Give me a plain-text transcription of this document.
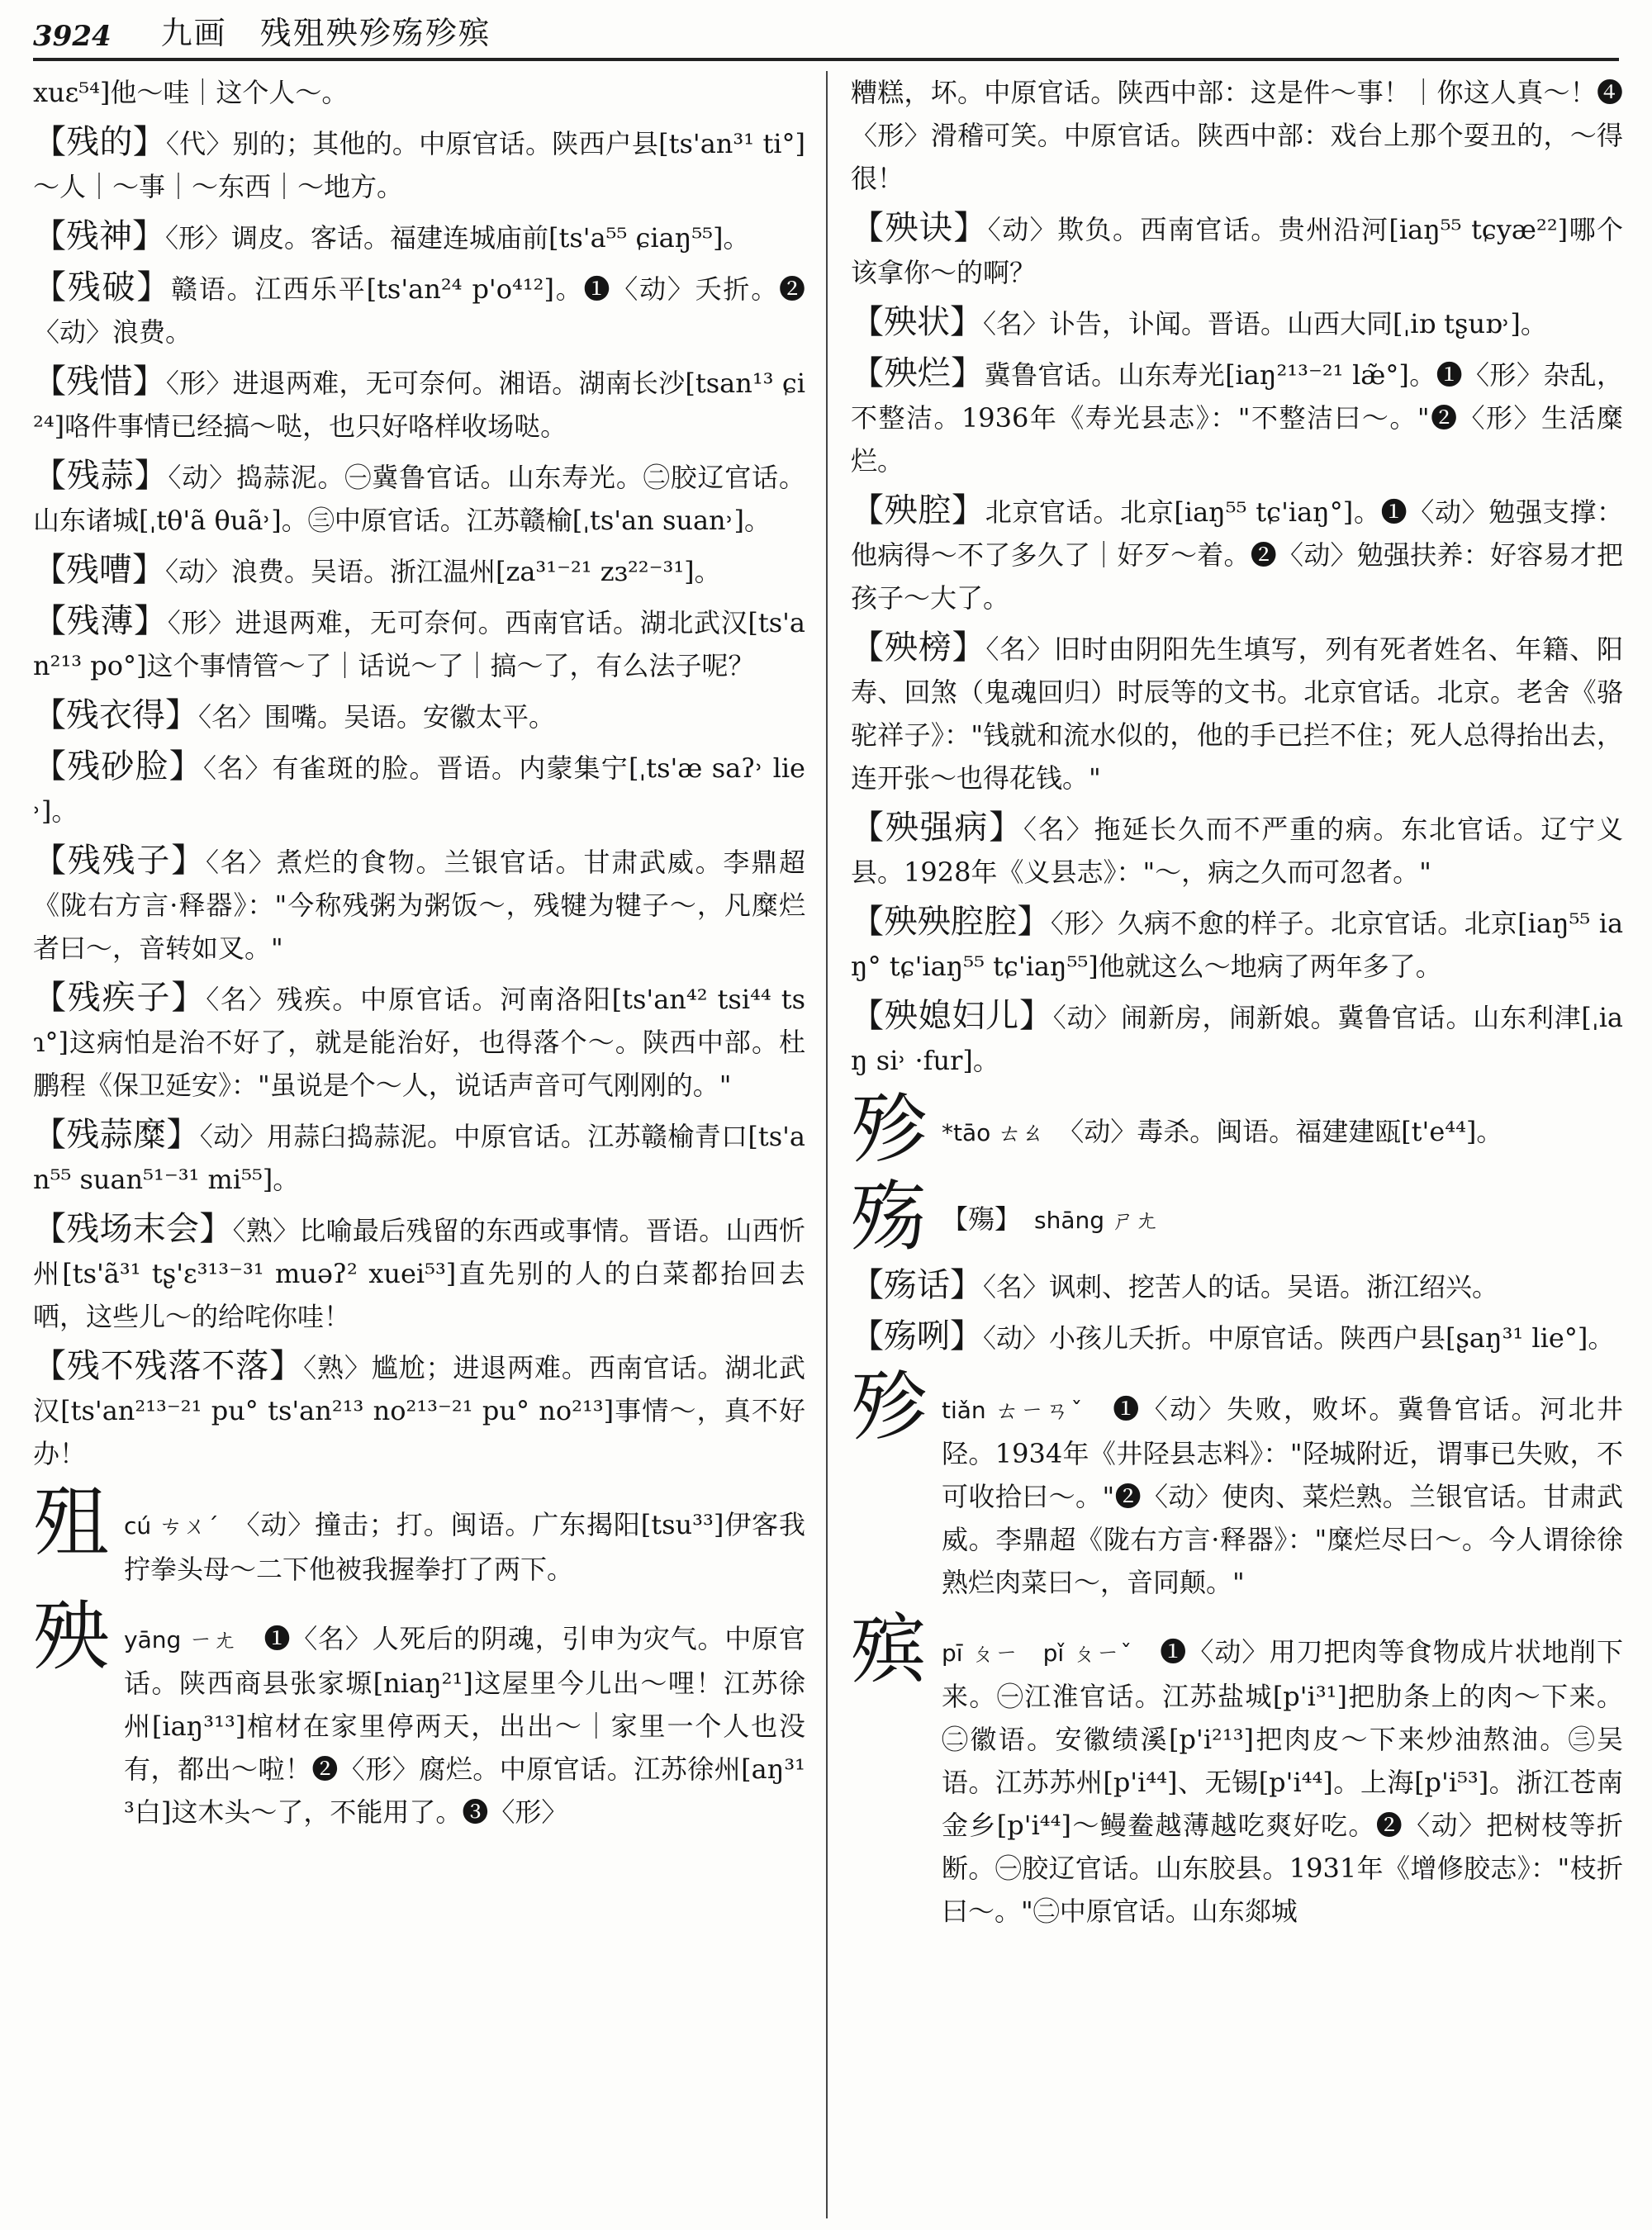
3924 九画　残殂殃殄殇殄殡

xuɛ⁵⁴]他～哇｜这个人～。

【 残的 】 〈代〉别的；其他的。中原官话。陕西户县[ts'an³¹ ti°]～人｜～事｜～东西｜～地方。

【 残神 】 〈形〉调皮。客话。福建连城庙前[ts'a⁵⁵ ɕiaŋ⁵⁵]。

【 残破 】 赣语。江西乐平[ts'an²⁴ p'o⁴¹²]。❶〈动〉夭折。❷〈动〉浪费。

【 残惜 】 〈形〉进退两难，无可奈何。湘语。湖南长沙[tsan¹³ ɕi²⁴]咯件事情已经搞～哒，也只好咯样收场哒。

【 残蒜 】 〈动〉捣蒜泥。㊀冀鲁官话。山东寿光。㊁胶辽官话。山东诸城[ˌtθ'ã θuã˒]。㊂中原官话。江苏赣榆[ˌts'an suan˒]。

【 残嘈 】 〈动〉浪费。吴语。浙江温州[za³¹⁻²¹ zɜ²²⁻³¹]。

【 残薄 】 〈形〉进退两难，无可奈何。西南官话。湖北武汉[ts'an²¹³ po°]这个事情管～了｜话说～了｜搞～了，有么法子呢？

【 残衣得 】 〈名〉围嘴。吴语。安徽太平。

【 残砂脸 】 〈名〉有雀斑的脸。晋语。内蒙集宁[ˌts'æ saʔ˒ lie˒]。

【 残残子 】 〈名〉煮烂的食物。兰银官话。甘肃武威。李鼎超《陇右方言·释器》："今称残粥为粥饭～，残犍为犍子～，凡糜烂者曰～，音转如叉。"

【 残疾子 】 〈名〉残疾。中原官话。河南洛阳[ts'an⁴² tsi⁴⁴ tsɿ°]这病怕是治不好了，就是能治好，也得落个～。陕西中部。杜鹏程《保卫延安》："虽说是个～人，说话声音可气刚刚的。"

【 残蒜糜 】 〈动〉用蒜臼捣蒜泥。中原官话。江苏赣榆青口[ts'an⁵⁵ suan⁵¹⁻³¹ mi⁵⁵]。

【 残场末会 】 〈熟〉比喻最后残留的东西或事情。晋语。山西忻州[ts'ã³¹ tʂ'ɛ³¹³⁻³¹ muəʔ² xuei⁵³]直先别的人的白菜都抬回去哂，这些儿～的给咤你哇！

【 残不残落不落 】 〈熟〉尴尬；进退两难。西南官话。湖北武汉[ts'an²¹³⁻²¹ pu° ts'an²¹³ no²¹³⁻²¹ pu° no²¹³]事情～，真不好办！

殂 cú ㄘㄨˊ　 〈动〉撞击；打。闽语。广东揭阳[tsu³³]伊客我拧拳头母～二下他被我握拳打了两下。
殃 yāng ㄧㄤ　 ❶〈名〉人死后的阴魂，引申为灾气。中原官话。陕西商县张家塬[niaŋ²¹]这屋里今儿出～哩！江苏徐州[iaŋ³¹³]棺材在家里停两天，出出～｜家里一个人也没有，都出～啦！❷〈形〉腐烂。中原官话。江苏徐州[aŋ³¹³白]这木头～了，不能用了。❸〈形〉

糟糕，坏。中原官话。陕西中部：这是件～事！｜你这人真～！❹〈形〉滑稽可笑。中原官话。陕西中部：戏台上那个耍丑的，～得很！

【 殃诀 】 〈动〉欺负。西南官话。贵州沿河[iaŋ⁵⁵ tɕyæ²²]哪个该拿你～的啊？

【 殃状 】 〈名〉讣告，讣闻。晋语。山西大同[ˌiɒ tʂuɒ˒]。

【 殃烂 】 冀鲁官话。山东寿光[iaŋ²¹³⁻²¹ læ̃°]。❶〈形〉杂乱，不整洁。1936年《寿光县志》："不整洁曰～。"❷〈形〉生活糜烂。

【 殃腔 】 北京官话。北京[iaŋ⁵⁵ tɕ'iaŋ°]。❶〈动〉勉强支撑：他病得～不了多久了｜好歹～着。❷〈动〉勉强扶养：好容易才把孩子～大了。

【 殃榜 】 〈名〉旧时由阴阳先生填写，列有死者姓名、年籍、阳寿、回煞（鬼魂回归）时辰等的文书。北京官话。北京。老舍《骆驼祥子》："钱就和流水似的，他的手已拦不住；死人总得抬出去，连开张～也得花钱。"

【 殃强病 】 〈名〉拖延长久而不严重的病。东北官话。辽宁义县。1928年《义县志》："～，病之久而可忽者。"

【 殃殃腔腔 】 〈形〉久病不愈的样子。北京官话。北京[iaŋ⁵⁵ iaŋ° tɕ'iaŋ⁵⁵ tɕ'iaŋ⁵⁵]他就这么～地病了两年多了。

【 殃媳妇儿 】 〈动〉闹新房，闹新娘。冀鲁官话。山东利津[ˌiaŋ si˒ ·fur]。

殄 *tāo ㄊㄠ　 〈动〉毒杀。闽语。福建建瓯[t'e⁴⁴]。
殇 【殤】　 shāng ㄕㄤ

【 殇话 】 〈名〉讽刺、挖苦人的话。吴语。浙江绍兴。

【 殇咧 】 〈动〉小孩儿夭折。中原官话。陕西户县[ʂaŋ³¹ lie°]。

殄 tiǎn ㄊㄧㄢˇ　 ❶〈动〉失败，败坏。冀鲁官话。河北井陉。1934年《井陉县志料》："陉城附近，谓事已失败，不可收拾曰～。"❷〈动〉使肉、菜烂熟。兰银官话。甘肃武威。李鼎超《陇右方言·释器》："糜烂尽曰～。今人谓徐徐熟烂肉菜曰～，音同颠。"
殡 pī ㄆㄧ　pǐ ㄆㄧˇ　 ❶〈动〉用刀把肉等食物成片状地削下来。㊀江淮官话。江苏盐城[p'i³¹]把肋条上的肉～下来。㊁徽语。安徽绩溪[p'i²¹³]把肉皮～下来炒油熬油。㊂吴语。江苏苏州[p'i⁴⁴]、无锡[p'i⁴⁴]。上海[p'i⁵³]。浙江苍南金乡[p'i⁴⁴]～鳗鲞越薄越吃爽好吃。❷〈动〉把树枝等折断。㊀胶辽官话。山东胶县。1931年《增修胶志》："枝折曰～。"㊁中原官话。山东郯城
